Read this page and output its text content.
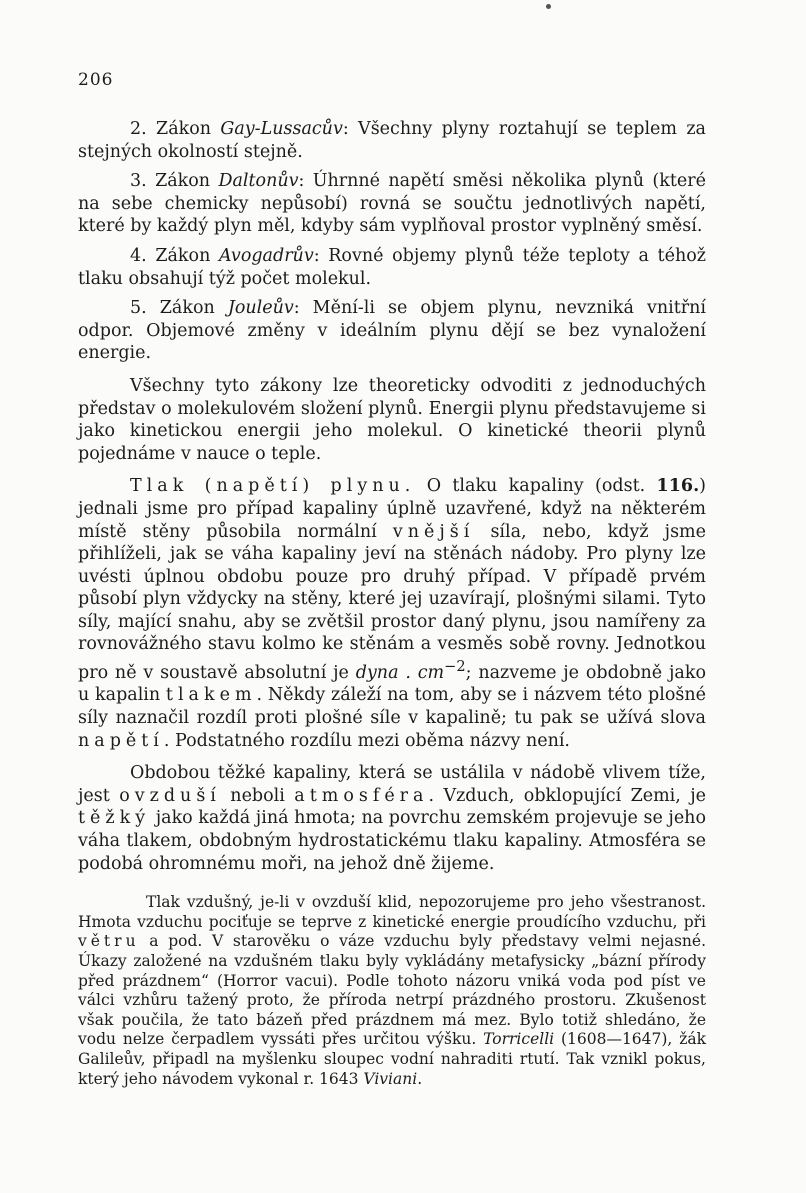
206

2. Zákon Gay-Lussacův: Všechny plyny roztahují se teplem za stejných okolností stejně.

3. Zákon Daltonův: Úhrnné napětí směsi několika plynů (které na sebe chemicky nepůsobí) rovná se součtu jednotlivých napětí, které by každý plyn měl, kdyby sám vyplňoval prostor vyplněný směsí.

4. Zákon Avogadrův: Rovné objemy plynů téže teploty a téhož tlaku obsahují týž počet molekul.

5. Zákon Jouleův: Mění-li se objem plynu, nevzniká vnitřní odpor. Objemové změny v ideálním plynu dějí se bez vynaložení energie.

Všechny tyto zákony lze theoreticky odvoditi z jednoduchých představ o molekulovém složení plynů. Energii plynu představujeme si jako kinetickou energii jeho molekul. O kinetické theorii plynů pojednáme v nauce o teple.

Tlak (napětí) plynu. O tlaku kapaliny (odst. 116.) jednali jsme pro případ kapaliny úplně uzavřené, když na některém místě stěny působila normální vnější síla, nebo, když jsme přihlíželi, jak se váha kapaliny jeví na stěnách nádoby. Pro plyny lze uvésti úplnou obdobu pouze pro druhý případ. V případě prvém působí plyn vždycky na stěny, které jej uzavírají, plošnými silami. Tyto síly, mající snahu, aby se zvětšil prostor daný plynu, jsou namířeny za rovnovážného stavu kolmo ke stěnám a vesměs sobě rovny. Jednotkou pro ně v soustavě absolutní je dyna . $cm^{-2}$; nazveme je obdobně jako u kapalin tlakem. Někdy záleží na tom, aby se i názvem této plošné síly naznačil rozdíl proti plošné síle v kapalině; tu pak se užívá slova napětí. Podstatného rozdílu mezi oběma názvy není.

Obdobou těžké kapaliny, která se ustálila v nádobě vlivem tíže, jest ovzduší neboli atmosféra. Vzduch, obklopující Zemi, je těžký jako každá jiná hmota; na povrchu zemském projevuje se jeho váha tlakem, obdobným hydrostatickému tlaku kapaliny. Atmosféra se podobá ohromnému moři, na jehož dně žijeme.

Tlak vzdušný, je-li v ovzduší klid, nepozorujeme pro jeho všestranost. Hmota vzduchu pociťuje se teprve z kinetické energie proudícího vzduchu, při větru a pod. V starověku o váze vzduchu byly představy velmi nejasné. Úkazy založené na vzdušném tlaku byly vykládány metafysicky „bázní přírody před prázdnem“ (Horror vacui). Podle tohoto názoru vniká voda pod píst ve válci vzhůru tažený proto, že příroda netrpí prázdného prostoru. Zkušenost však poučila, že tato bázeň před prázdnem má mez. Bylo totiž shledáno, že vodu nelze čerpadlem vyssáti přes určitou výšku. Torricelli (1608—1647), žák Galileův, připadl na myšlenku sloupec vodní nahraditi rtutí. Tak vznikl pokus, který jeho návodem vykonal r. 1643 Viviani.
